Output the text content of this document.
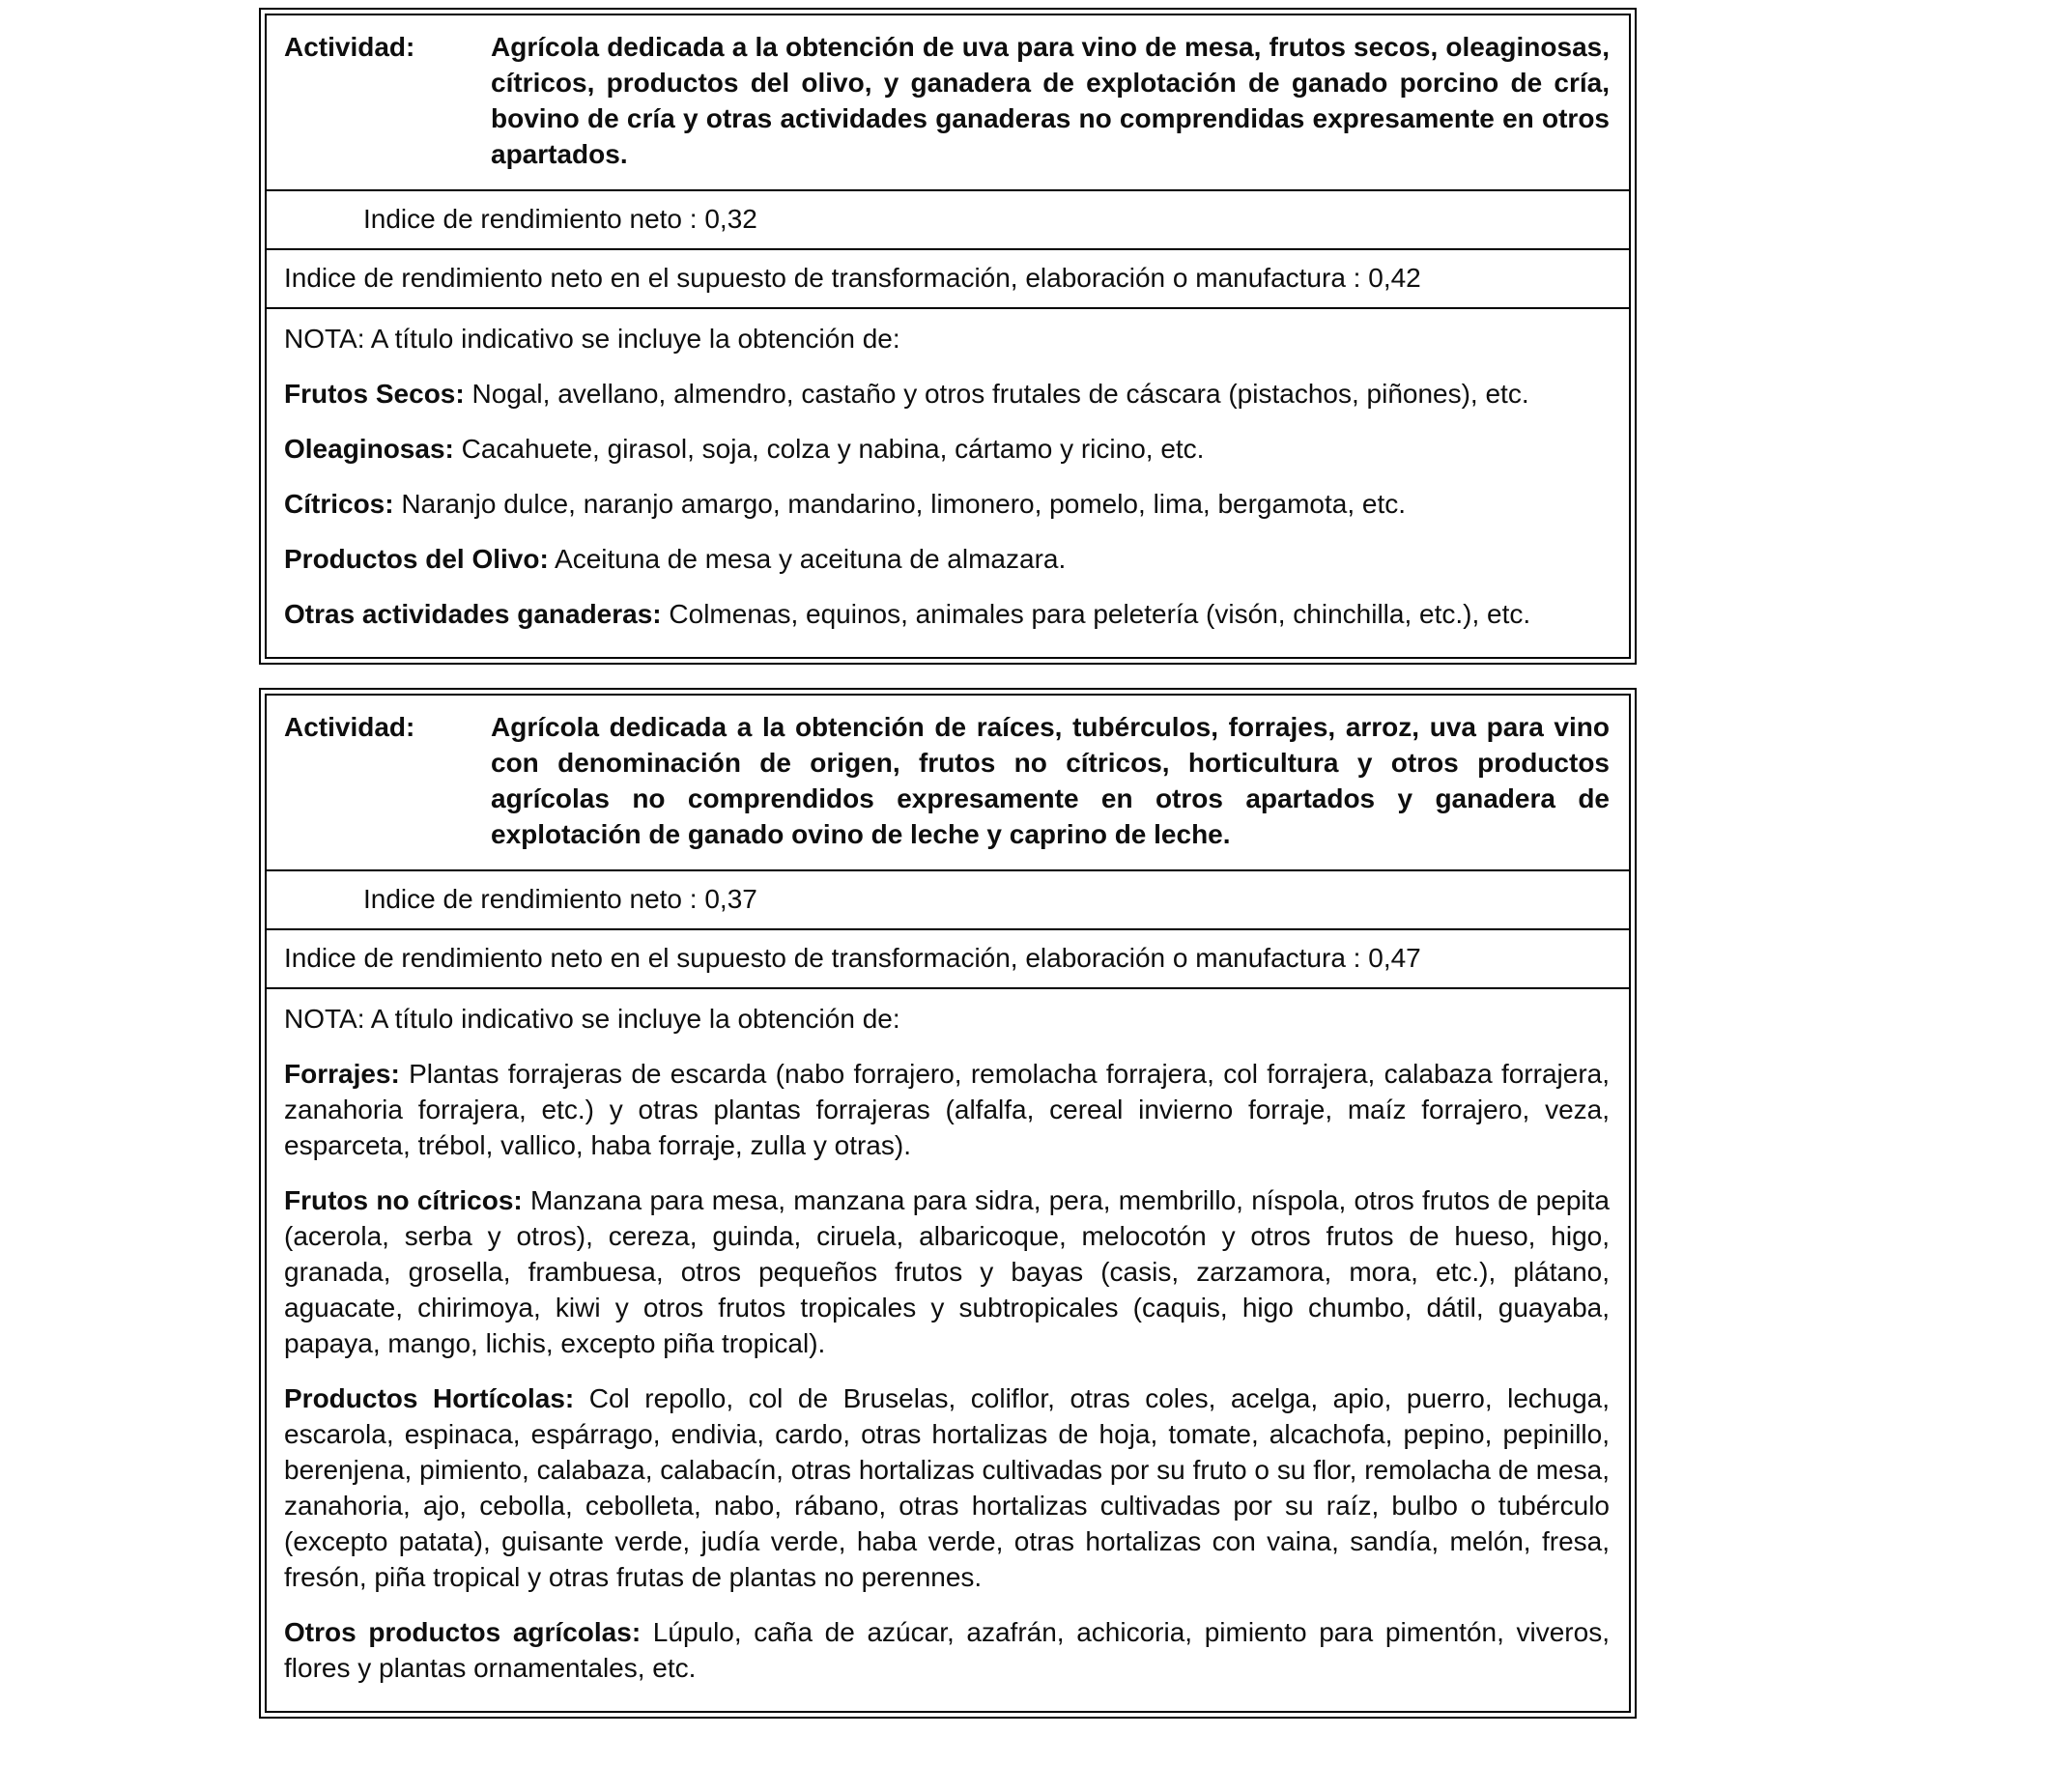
Actividad:	Agrícola dedicada a la obtención de uva para vino de mesa, frutos secos, oleaginosas, cítricos, productos del olivo, y ganadera de explotación de ganado porcino de cría, bovino de cría y otras actividades ganaderas no comprendidas expresamente en otros apartados.
Indice de rendimiento neto : 0,32
Indice de rendimiento neto en el supuesto de transformación, elaboración o manufactura : 0,42
NOTA: A título indicativo se incluye la obtención de:

Frutos Secos: Nogal, avellano, almendro, castaño y otros frutales de cáscara (pistachos, piñones), etc.

Oleaginosas: Cacahuete, girasol, soja, colza y nabina, cártamo y ricino, etc.

Cítricos: Naranjo dulce, naranjo amargo, mandarino, limonero, pomelo, lima, bergamota, etc.

Productos del Olivo: Aceituna de mesa y aceituna de almazara.

Otras actividades ganaderas: Colmenas, equinos, animales para peletería (visón, chinchilla, etc.), etc.

Actividad:	Agrícola dedicada a la obtención de raíces, tubérculos, forrajes, arroz, uva para vino con denominación de origen, frutos no cítricos, horticultura y otros productos agrícolas no comprendidos expresamente en otros apartados y ganadera de explotación de ganado ovino de leche y caprino de leche.
Indice de rendimiento neto : 0,37
Indice de rendimiento neto en el supuesto de transformación, elaboración o manufactura : 0,47
NOTA: A título indicativo se incluye la obtención de:

Forrajes: Plantas forrajeras de escarda (nabo forrajero, remolacha forrajera, col forrajera, calabaza forrajera, zanahoria forrajera, etc.) y otras plantas forrajeras (alfalfa, cereal invierno forraje, maíz forrajero, veza, esparceta, trébol, vallico, haba forraje, zulla y otras).

Frutos no cítricos: Manzana para mesa, manzana para sidra, pera, membrillo, níspola, otros frutos de pepita (acerola, serba y otros), cereza, guinda, ciruela, albaricoque, melocotón y otros frutos de hueso, higo, granada, grosella, frambuesa, otros pequeños frutos y bayas (casis, zarzamora, mora, etc.), plátano, aguacate, chirimoya, kiwi y otros frutos tropicales y subtropicales (caquis, higo chumbo, dátil, guayaba, papaya, mango, lichis, excepto piña tropical).

Productos Hortícolas: Col repollo, col de Bruselas, coliflor, otras coles, acelga, apio, puerro, lechuga, escarola, espinaca, espárrago, endivia, cardo, otras hortalizas de hoja, tomate, alcachofa, pepino, pepinillo, berenjena, pimiento, calabaza, calabacín, otras hortalizas cultivadas por su fruto o su flor, remolacha de mesa, zanahoria, ajo, cebolla, cebolleta, nabo, rábano, otras hortalizas cultivadas por su raíz, bulbo o tubérculo (excepto patata), guisante verde, judía verde, haba verde, otras hortalizas con vaina, sandía, melón, fresa, fresón, piña tropical y otras frutas de plantas no perennes.

Otros productos agrícolas: Lúpulo, caña de azúcar, azafrán, achicoria, pimiento para pimentón, viveros, flores y plantas ornamentales, etc.
